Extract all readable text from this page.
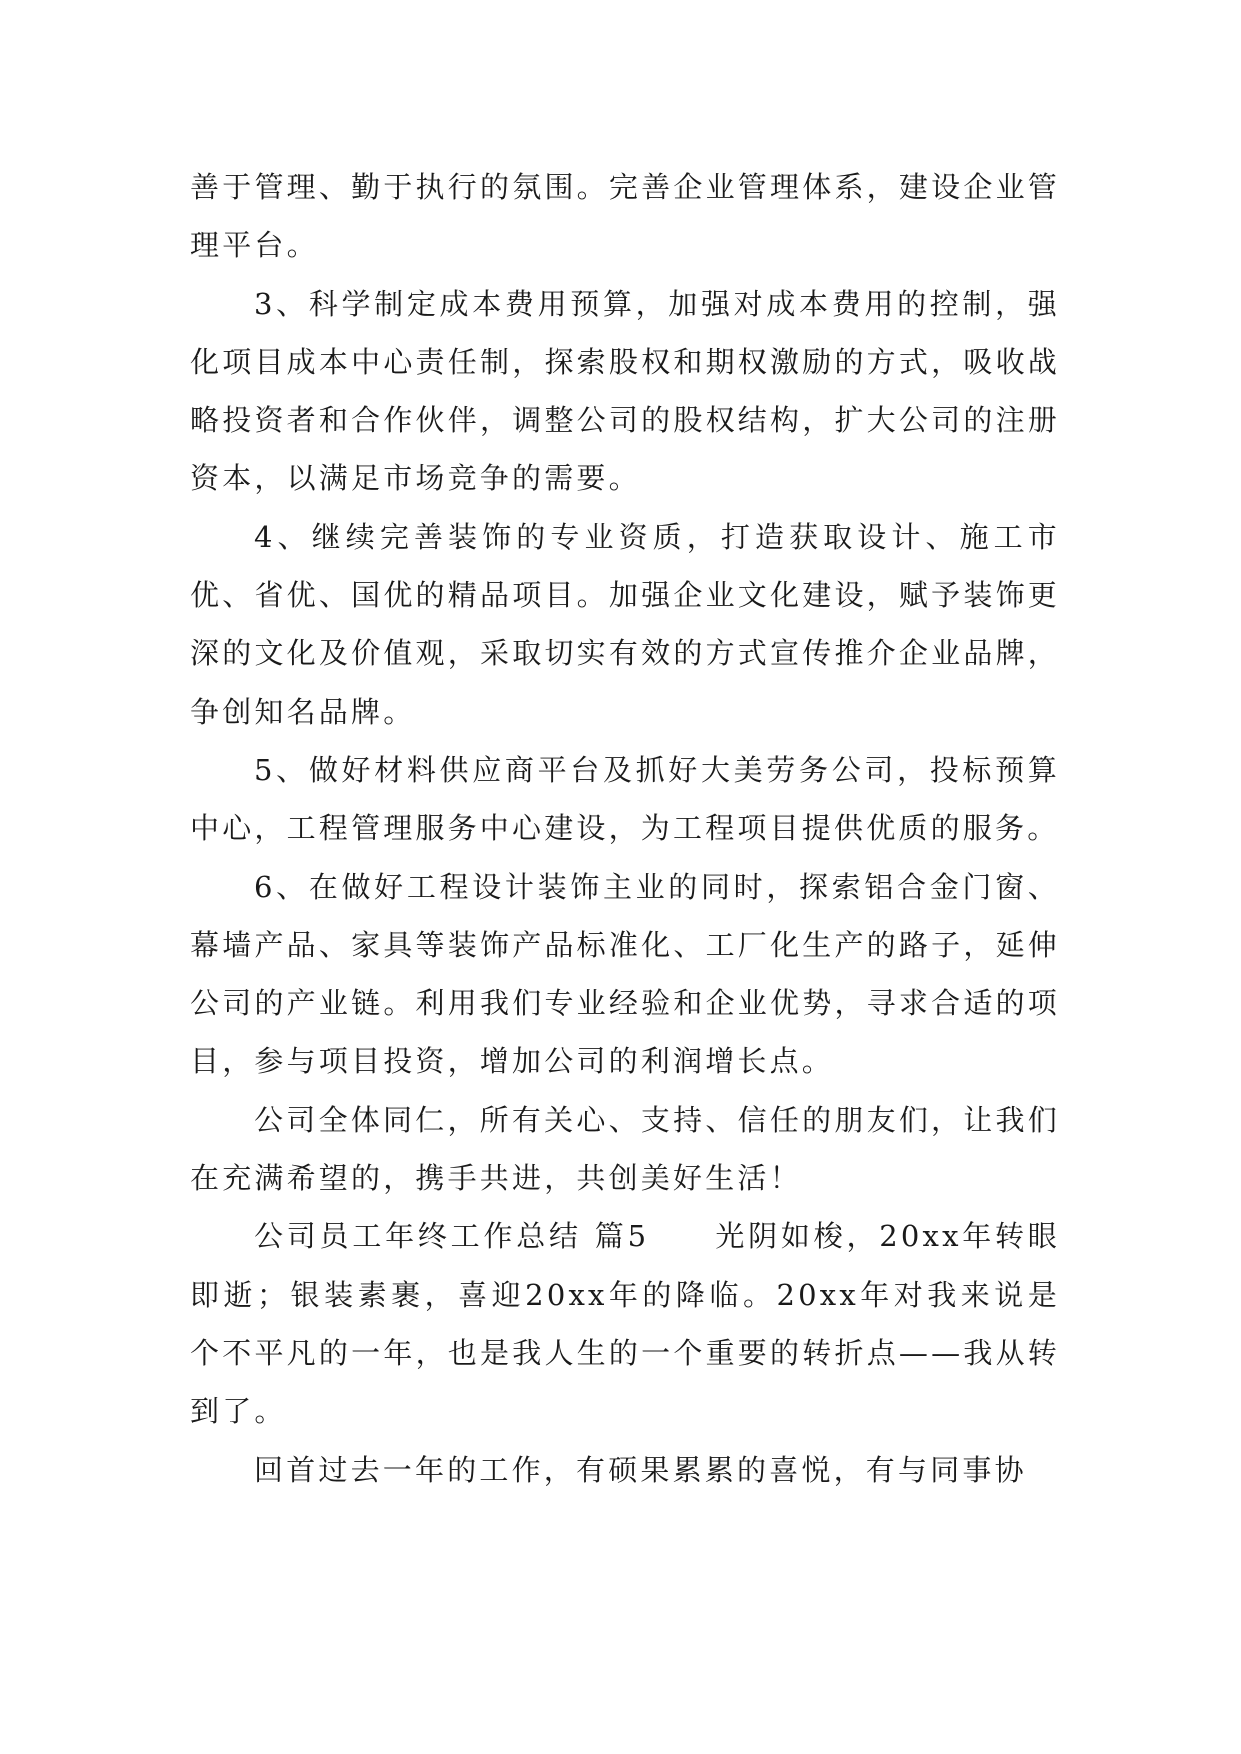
善于管理、勤于执行的氛围。完善企业管理体系，建设企业管理平台。

3、科学制定成本费用预算，加强对成本费用的控制，强化项目成本中心责任制，探索股权和期权激励的方式，吸收战略投资者和合作伙伴，调整公司的股权结构，扩大公司的注册资本，以满足市场竞争的需要。

4、继续完善装饰的专业资质，打造获取设计、施工市优、省优、国优的精品项目。加强企业文化建设，赋予装饰更深的文化及价值观，采取切实有效的方式宣传推介企业品牌，争创知名品牌。

5、做好材料供应商平台及抓好大美劳务公司，投标预算中心，工程管理服务中心建设，为工程项目提供优质的服务。

6、在做好工程设计装饰主业的同时，探索铝合金门窗、幕墙产品、家具等装饰产品标准化、工厂化生产的路子，延伸公司的产业链。利用我们专业经验和企业优势，寻求合适的项目，参与项目投资，增加公司的利润增长点。

公司全体同仁，所有关心、支持、信任的朋友们，让我们在充满希望的，携手共进，共创美好生活！

公司员工年终工作总结 篇5　　光阴如梭，20xx年转眼即逝；银装素裹，喜迎20xx年的降临。20xx年对我来说是个不平凡的一年，也是我人生的一个重要的转折点——我从转到了。

回首过去一年的工作，有硕果累累的喜悦，有与同事协
